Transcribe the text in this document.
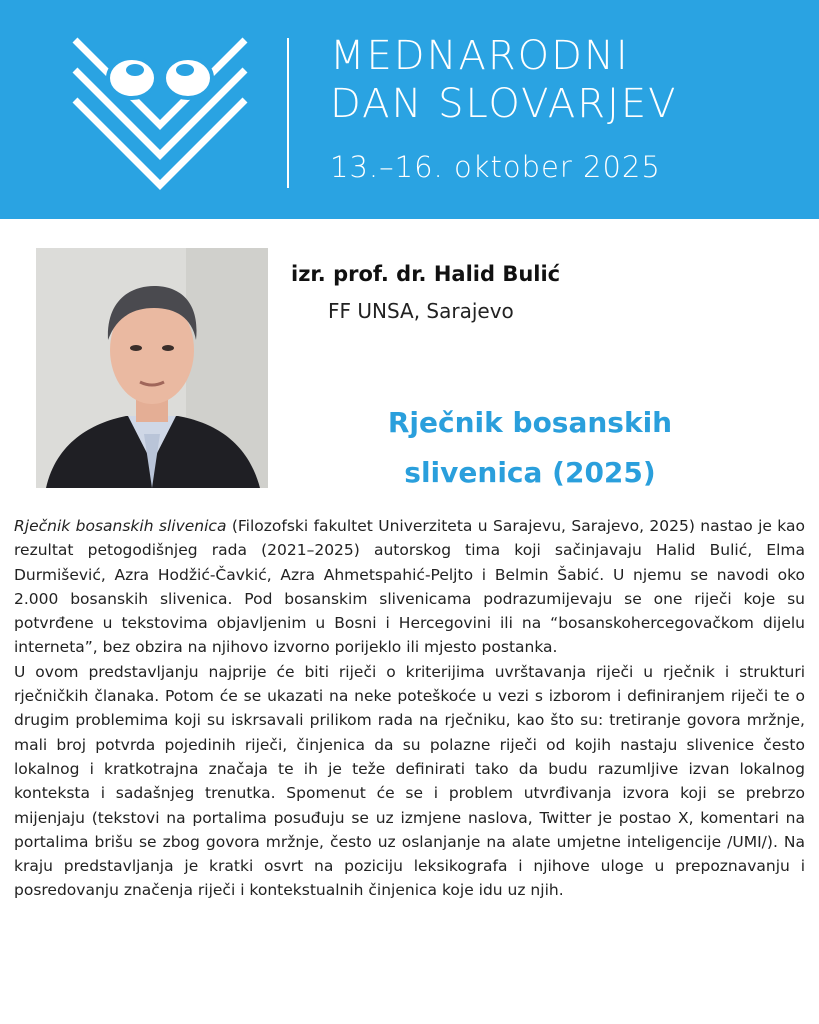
MEDNARODNI
DAN SLOVARJEV
13.–16. oktober 2025
izr. prof. dr. Halid Bulić
FF UNSA, Sarajevo
Rječnik bosanskih
slivenica (2025)

Rječnik bosanskih slivenica (Filozofski fakultet Univerziteta u Sarajevu, Sarajevo, 2025) nastao je kao rezultat petogodišnjeg rada (2021–2025) autorskog tima koji sačinjavaju Halid Bulić, Elma Durmišević, Azra Hodžić-Čavkić, Azra Ahmetspahić-Peljto i Belmin Šabić. U njemu se navodi oko 2.000 bosanskih slivenica. Pod bosanskim slivenicama podrazumijevaju se one riječi koje su potvrđene u tekstovima objavljenim u Bosni i Hercegovini ili na “bosanskohercegovačkom dijelu interneta”, bez obzira na njihovo izvorno porijeklo ili mjesto postanka.

U ovom predstavljanju najprije će biti riječi o kriterijima uvrštavanja riječi u rječnik i strukturi rječničkih članaka. Potom će se ukazati na neke poteškoće u vezi s izborom i definiranjem riječi te o drugim problemima koji su iskrsavali prilikom rada na rječniku, kao što su: tretiranje govora mržnje, mali broj potvrda pojedinih riječi, činjenica da su polazne riječi od kojih nastaju slivenice često lokalnog i kratkotrajna značaja te ih je teže definirati tako da budu razumljive izvan lokalnog konteksta i sadašnjeg trenutka. Spomenut će se i problem utvrđivanja izvora koji se prebrzo mijenjaju (tekstovi na portalima posuđuju se uz izmjene naslova, Twitter je postao X, komentari na portalima brišu se zbog govora mržnje, često uz oslanjanje na alate umjetne inteligencije /UMI/). Na kraju predstavljanja je kratki osvrt na poziciju leksikografa i njihove uloge u prepoznavanju i posredovanju značenja riječi i kontekstualnih činjenica koje idu uz njih.
